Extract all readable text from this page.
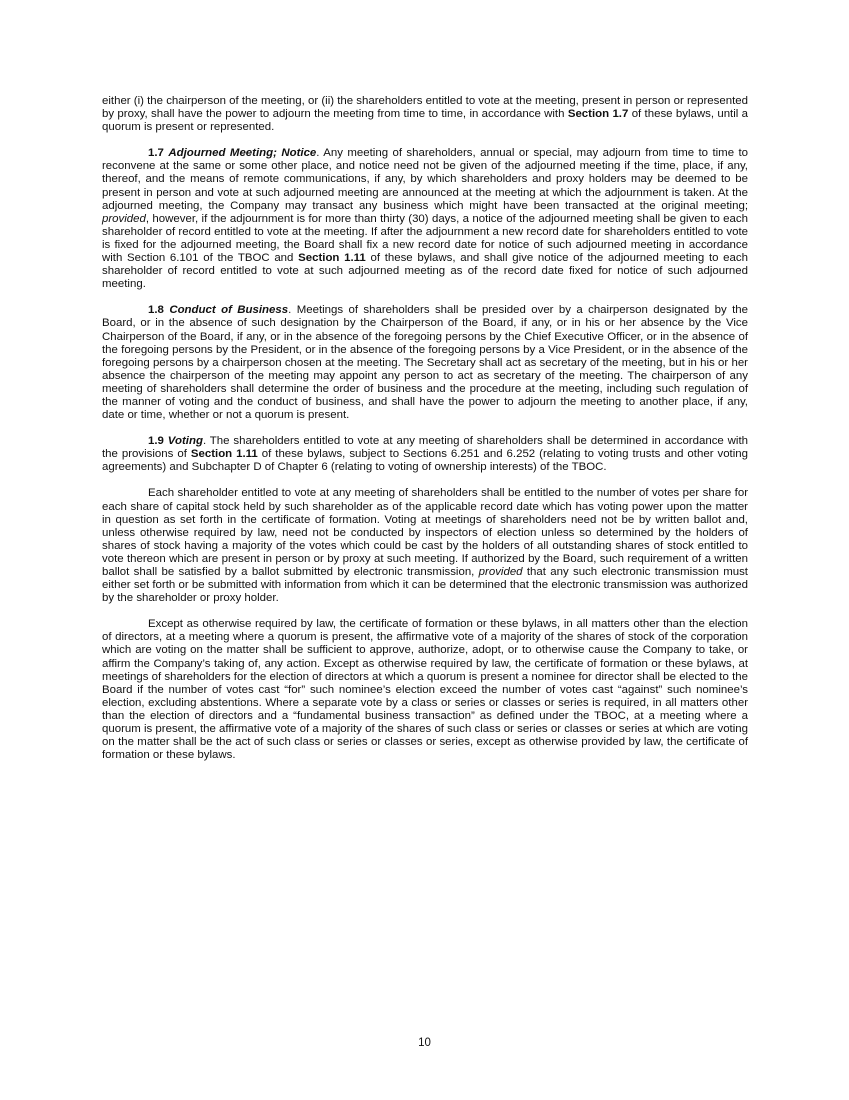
either (i) the chairperson of the meeting, or (ii) the shareholders entitled to vote at the meeting, present in person or represented by proxy, shall have the power to adjourn the meeting from time to time, in accordance with Section 1.7 of these bylaws, until a quorum is present or represented.

1.7 Adjourned Meeting; Notice. Any meeting of shareholders, annual or special, may adjourn from time to time to reconvene at the same or some other place, and notice need not be given of the adjourned meeting if the time, place, if any, thereof, and the means of remote communications, if any, by which shareholders and proxy holders may be deemed to be present in person and vote at such adjourned meeting are announced at the meeting at which the adjournment is taken. At the adjourned meeting, the Company may transact any business which might have been transacted at the original meeting; provided, however, if the adjournment is for more than thirty (30) days, a notice of the adjourned meeting shall be given to each shareholder of record entitled to vote at the meeting. If after the adjournment a new record date for shareholders entitled to vote is fixed for the adjourned meeting, the Board shall fix a new record date for notice of such adjourned meeting in accordance with Section 6.101 of the TBOC and Section 1.11 of these bylaws, and shall give notice of the adjourned meeting to each shareholder of record entitled to vote at such adjourned meeting as of the record date fixed for notice of such adjourned meeting.

1.8 Conduct of Business. Meetings of shareholders shall be presided over by a chairperson designated by the Board, or in the absence of such designation by the Chairperson of the Board, if any, or in his or her absence by the Vice Chairperson of the Board, if any, or in the absence of the foregoing persons by the Chief Executive Officer, or in the absence of the foregoing persons by the President, or in the absence of the foregoing persons by a Vice President, or in the absence of the foregoing persons by a chairperson chosen at the meeting. The Secretary shall act as secretary of the meeting, but in his or her absence the chairperson of the meeting may appoint any person to act as secretary of the meeting. The chairperson of any meeting of shareholders shall determine the order of business and the procedure at the meeting, including such regulation of the manner of voting and the conduct of business, and shall have the power to adjourn the meeting to another place, if any, date or time, whether or not a quorum is present.

1.9 Voting. The shareholders entitled to vote at any meeting of shareholders shall be determined in accordance with the provisions of Section 1.11 of these bylaws, subject to Sections 6.251 and 6.252 (relating to voting trusts and other voting agreements) and Subchapter D of Chapter 6 (relating to voting of ownership interests) of the TBOC.

Each shareholder entitled to vote at any meeting of shareholders shall be entitled to the number of votes per share for each share of capital stock held by such shareholder as of the applicable record date which has voting power upon the matter in question as set forth in the certificate of formation. Voting at meetings of shareholders need not be by written ballot and, unless otherwise required by law, need not be conducted by inspectors of election unless so determined by the holders of shares of stock having a majority of the votes which could be cast by the holders of all outstanding shares of stock entitled to vote thereon which are present in person or by proxy at such meeting. If authorized by the Board, such requirement of a written ballot shall be satisfied by a ballot submitted by electronic transmission, provided that any such electronic transmission must either set forth or be submitted with information from which it can be determined that the electronic transmission was authorized by the shareholder or proxy holder.

Except as otherwise required by law, the certificate of formation or these bylaws, in all matters other than the election of directors, at a meeting where a quorum is present, the affirmative vote of a majority of the shares of stock of the corporation which are voting on the matter shall be sufficient to approve, authorize, adopt, or to otherwise cause the Company to take, or affirm the Company’s taking of, any action. Except as otherwise required by law, the certificate of formation or these bylaws, at meetings of shareholders for the election of directors at which a quorum is present a nominee for director shall be elected to the Board if the number of votes cast “for” such nominee’s election exceed the number of votes cast “against” such nominee’s election, excluding abstentions. Where a separate vote by a class or series or classes or series is required, in all matters other than the election of directors and a “fundamental business transaction” as defined under the TBOC, at a meeting where a quorum is present, the affirmative vote of a majority of the shares of such class or series or classes or series at which are voting on the matter shall be the act of such class or series or classes or series, except as otherwise provided by law, the certificate of formation or these bylaws.

10
